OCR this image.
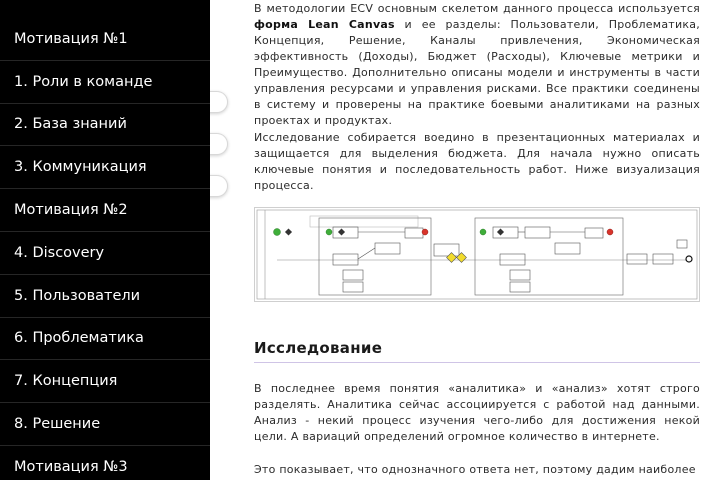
Мотивация №1
1. Роли в команде
2. База знаний
3. Коммуникация
Мотивация №2
4. Discovery
5. Пользователи
6. Проблематика
7. Концепция
8. Решение
Мотивация №3

В методологии ECV основным скелетом данного процесса используется форма Lean Canvas и ее разделы: Пользователи, Проблематика, Концепция, Решение, Каналы привлечения, Экономическая эффективность (Доходы), Бюджет (Расходы), Ключевые метрики и Преимущество. Дополнительно описаны модели и инструменты в части управления ресурсами и управления рисками. Все практики соединены в систему и проверены на практике боевыми аналитиками на разных проектах и продуктах.

Исследование собирается воедино в презентационных материалах и защищается для выделения бюджета. Для начала нужно описать ключевые понятия и последовательность работ. Ниже визуализация процесса.

Исследование

В последнее время понятия «аналитика» и «анализ» хотят строго разделять. Аналитика сейчас ассоциируется с работой над данными. Анализ - некий процесс изучения чего-либо для достижения некой цели. А вариаций определений огромное количество в интернете.

Это показывает, что однозначного ответа нет, поэтому дадим наиболее
